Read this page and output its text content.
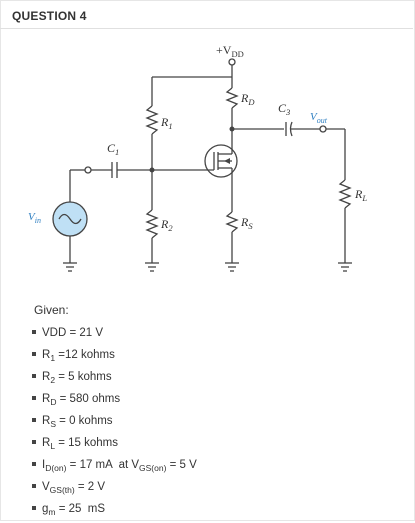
QUESTION 4
$+V_{DD}$
$R_D$
$R_1$
$R_2$	$R_S$
$C_1$
$C_3$ $V_{out}$
$R_L$
$V_{in}$
Given:
VDD = 21 V
$R_1 =12$ kohms
$R_2 = 5$ kohms
$R_D = 580$ ohms
$R_S = 0$ kohms
$R_L = 15$ kohms
$I_{D(on)} = 17$ mA  at $V_{GS(on)} = 5$ V
$V_{GS(th)} = 2$ V
$g_m = 25$  mS
